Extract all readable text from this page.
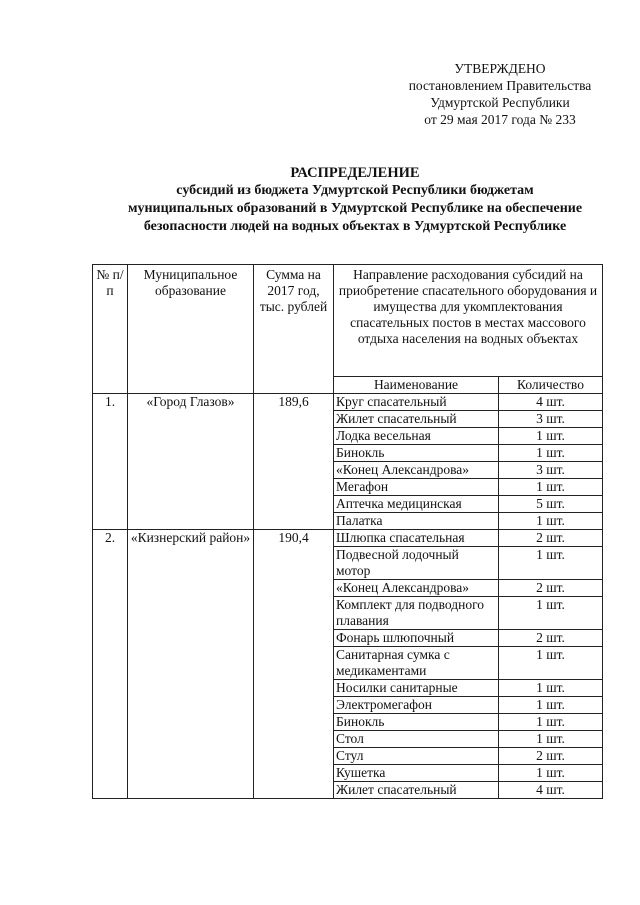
УТВЕРЖДЕНО
постановлением Правительства
Удмуртской Республики
от 29 мая 2017 года № 233
РАСПРЕДЕЛЕНИЕ
субсидий из бюджета Удмуртской Республики бюджетам
муниципальных образований в Удмуртской Республике на обеспечение
безопасности людей на водных объектах в Удмуртской Республике
№ п/п	Муниципальное образование	Сумма на 2017 год, тыс. рублей	Направление расходования субсидий на приобретение спасательного оборудования и имущества для укомплектования спасательных постов в местах массового отдыха населения на водных объектах	
			Наименование	Количество
1.	«Город Глазов»	189,6	Круг спасательный	4 шт.
			Жилет спасательный	3 шт.
			Лодка весельная	1 шт.
			Бинокль	1 шт.
			«Конец Александрова»	3 шт.
			Мегафон	1 шт.
			Аптечка медицинская	5 шт.
			Палатка	1 шт.
2.	«Кизнерский район»	190,4	Шлюпка спасательная	2 шт.
			Подвесной лодочный мотор	1 шт.
			«Конец Александрова»	2 шт.
			Комплект для подводного плавания	1 шт.
			Фонарь шлюпочный	2 шт.
			Санитарная сумка с медикаментами	1 шт.
			Носилки санитарные	1 шт.
			Электромегафон	1 шт.
			Бинокль	1 шт.
			Стол	1 шт.
			Стул	2 шт.
			Кушетка	1 шт.
			Жилет спасательный	4 шт.
